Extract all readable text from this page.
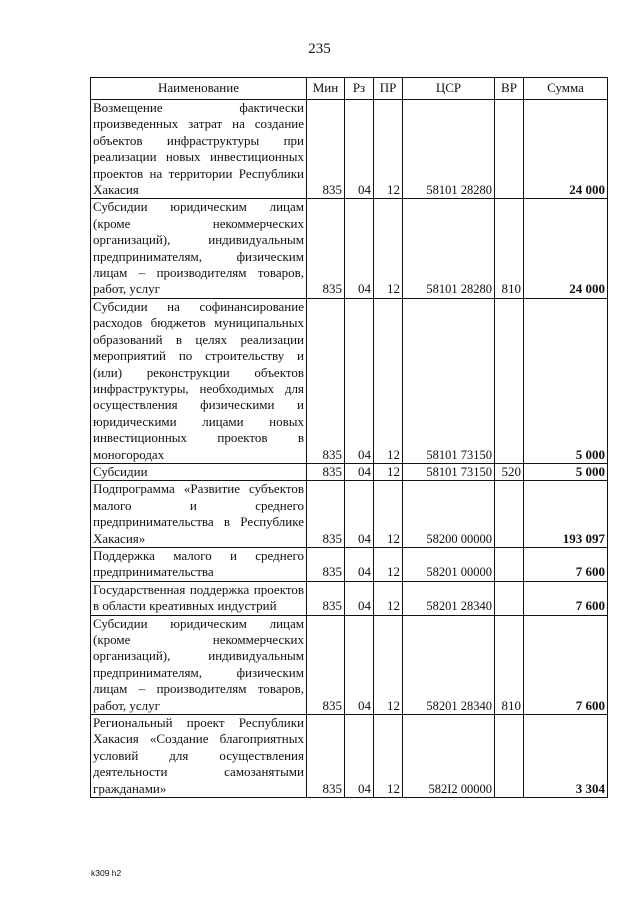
235
Наименование	Мин	Рз	ПР	ЦСР	ВР	Сумма
Возмещение фактически произведенных затрат на создание объектов инфраструктуры при реализации новых инвестиционных проектов на территории Республики Хакасия	835	04	12	58101 28280		24 000
Субсидии юридическим лицам (кроме некоммерческих организаций), индивидуальным предпринимателям, физическим лицам – производителям товаров, работ, услуг	835	04	12	58101 28280	810	24 000
Субсидии на софинансирование расходов бюджетов муниципальных образований в целях реализации мероприятий по строительству и (или) реконструкции объектов инфраструктуры, необходимых для осуществления физическими и юридическими лицами новых инвестиционных проектов в моногородах	835	04	12	58101 73150		5 000
Субсидии	835	04	12	58101 73150	520	5 000
Подпрограмма «Развитие субъектов малого и среднего предпринимательства в Республике Хакасия»	835	04	12	58200 00000		193 097
Поддержка малого и среднего предпринимательства	835	04	12	58201 00000		7 600
Государственная поддержка проектов в области креативных индустрий	835	04	12	58201 28340		7 600
Субсидии юридическим лицам (кроме некоммерческих организаций), индивидуальным предпринимателям, физическим лицам – производителям товаров, работ, услуг	835	04	12	58201 28340	810	7 600
Региональный проект Республики Хакасия «Создание благоприятных условий для осуществления деятельности самозанятыми гражданами»	835	04	12	582I2 00000		3 304
k309 h2
